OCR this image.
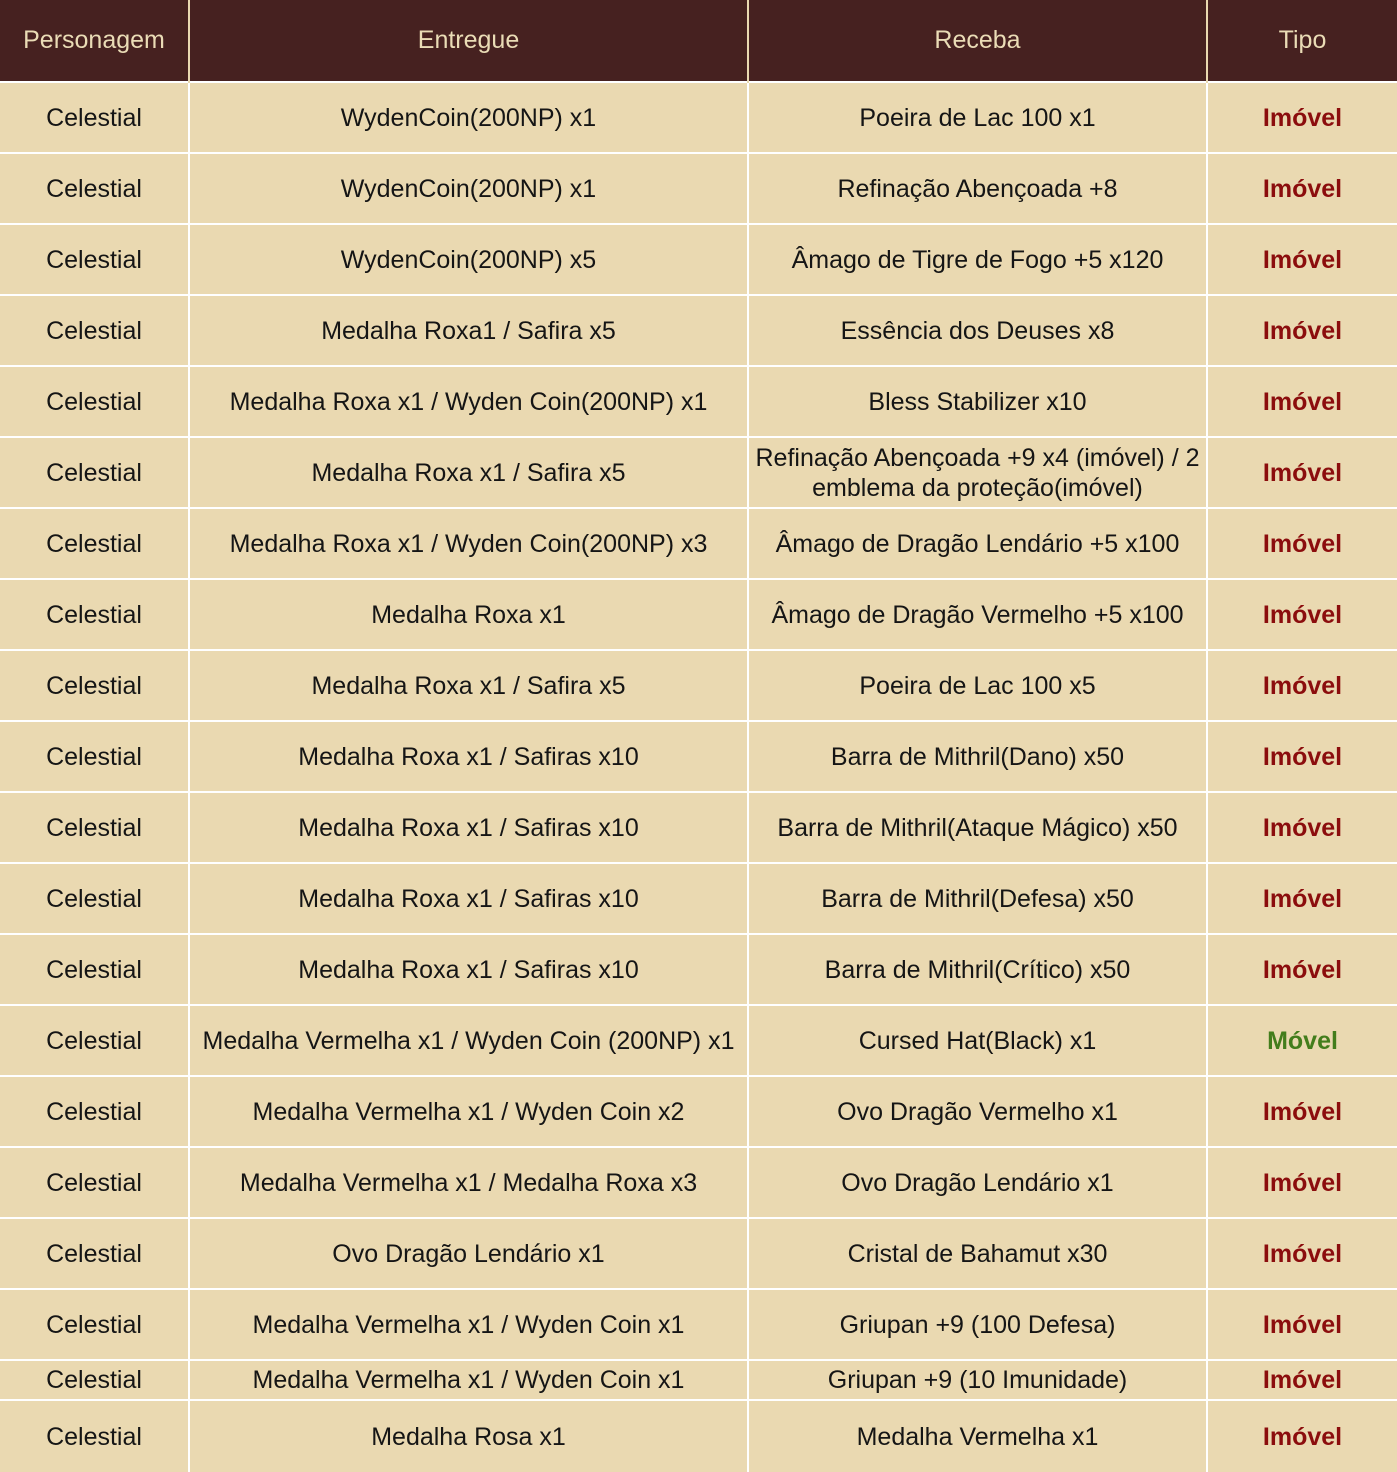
Personagem	Entregue	Receba	Tipo
Celestial	WydenCoin(200NP) x1	Poeira de Lac 100 x1	Imóvel
Celestial	WydenCoin(200NP) x1	Refinação Abençoada +8	Imóvel
Celestial	WydenCoin(200NP) x5	Âmago de Tigre de Fogo +5 x120	Imóvel
Celestial	Medalha Roxa1 / Safira x5	Essência dos Deuses x8	Imóvel
Celestial	Medalha Roxa x1 / Wyden Coin(200NP) x1	Bless Stabilizer x10	Imóvel
Celestial	Medalha Roxa x1 / Safira x5	Refinação Abençoada +9 x4 (imóvel) / 2 emblema da proteção(imóvel)	Imóvel
Celestial	Medalha Roxa x1 / Wyden Coin(200NP) x3	Âmago de Dragão Lendário +5 x100	Imóvel
Celestial	Medalha Roxa x1	Âmago de Dragão Vermelho +5 x100	Imóvel
Celestial	Medalha Roxa x1 / Safira x5	Poeira de Lac 100 x5	Imóvel
Celestial	Medalha Roxa x1 / Safiras x10	Barra de Mithril(Dano) x50	Imóvel
Celestial	Medalha Roxa x1 / Safiras x10	Barra de Mithril(Ataque Mágico) x50	Imóvel
Celestial	Medalha Roxa x1 / Safiras x10	Barra de Mithril(Defesa) x50	Imóvel
Celestial	Medalha Roxa x1 / Safiras x10	Barra de Mithril(Crítico) x50	Imóvel
Celestial	Medalha Vermelha x1 / Wyden Coin (200NP) x1	Cursed Hat(Black) x1	Móvel
Celestial	Medalha Vermelha x1 / Wyden Coin x2	Ovo Dragão Vermelho x1	Imóvel
Celestial	Medalha Vermelha x1 / Medalha Roxa x3	Ovo Dragão Lendário x1	Imóvel
Celestial	Ovo Dragão Lendário x1	Cristal de Bahamut x30	Imóvel
Celestial	Medalha Vermelha x1 / Wyden Coin x1	Griupan +9 (100 Defesa)	Imóvel
Celestial	Medalha Vermelha x1 / Wyden Coin x1	Griupan +9 (10 Imunidade)	Imóvel
Celestial	Medalha Rosa x1	Medalha Vermelha x1	Imóvel
